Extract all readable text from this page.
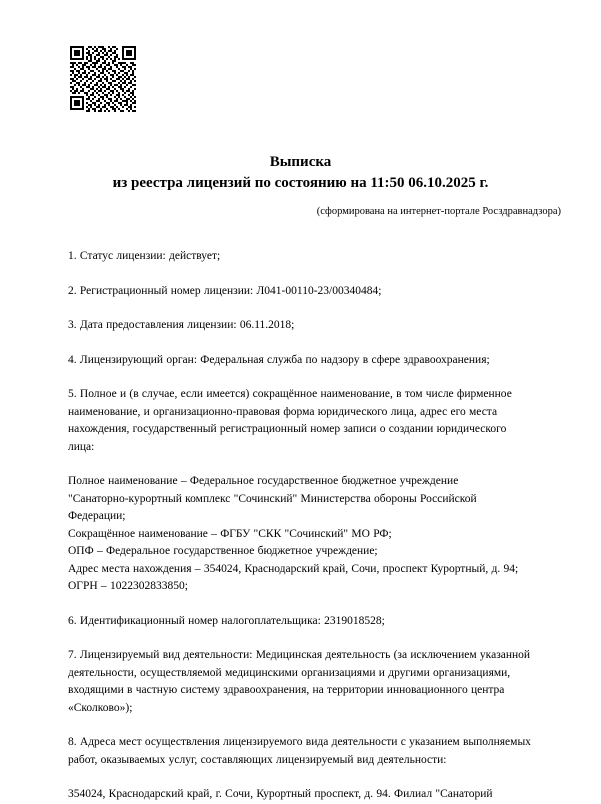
Выписка
из реестра лицензий по состоянию на 11:50 06.10.2025 г.
(сформирована на интернет-портале Росздравнадзора)

1. Статус лицензии: действует;

2. Регистрационный номер лицензии: Л041-00110-23/00340484;

3. Дата предоставления лицензии: 06.11.2018;

4. Лицензирующий орган: Федеральная служба по надзору в сфере здравоохранения;

5. Полное и (в случае, если имеется) сокращённое наименование, в том числе фирменное
наименование, и организационно-правовая форма юридического лица, адрес его места
нахождения, государственный регистрационный номер записи о создании юридического лица:

Полное наименование – Федеральное государственное бюджетное учреждение
"Санаторно-курортный комплекс "Сочинский" Министерства обороны Российской Федерации;
Сокращённое наименование – ФГБУ "СКК "Сочинский" МО РФ;
ОПФ – Федеральное государственное бюджетное учреждение;
Адрес места нахождения – 354024, Краснодарский край, Сочи, проспект Курортный, д. 94;
ОГРН – 1022302833850;

6. Идентификационный номер налогоплательщика: 2319018528;

7. Лицензируемый вид деятельности: Медицинская деятельность (за исключением указанной
деятельности, осуществляемой медицинскими организациями и другими организациями,
входящими в частную систему здравоохранения, на территории инновационного центра
«Сколково»);

8. Адреса мест осуществления лицензируемого вида деятельности с указанием выполняемых
работ, оказываемых услуг, составляющих лицензируемый вид деятельности:

354024, Краснодарский край, г. Сочи, Курортный проспект, д. 94. Филиал "Санаторий
